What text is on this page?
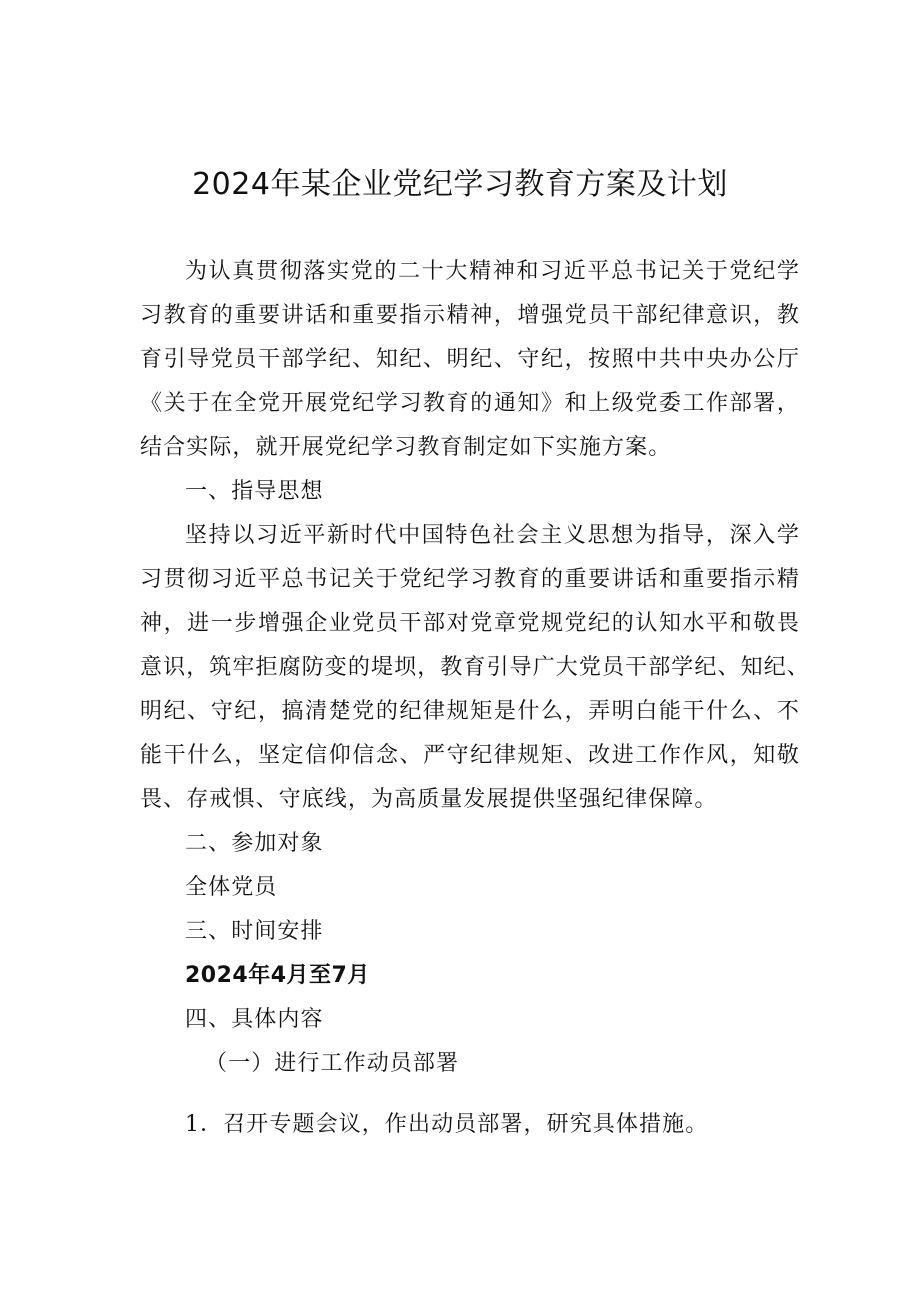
2024年某企业党纪学习教育方案及计划
为认真贯彻落实党的二十大精神和习近平总书记关于党纪学
习教育的重要讲话和重要指示精神，增强党员干部纪律意识，教
育引导党员干部学纪、知纪、明纪、守纪，按照中共中央办公厅
《关于在全党开展党纪学习教育的通知》和上级党委工作部署，
结合实际，就开展党纪学习教育制定如下实施方案。
一、指导思想
坚持以习近平新时代中国特色社会主义思想为指导，深入学
习贯彻习近平总书记关于党纪学习教育的重要讲话和重要指示精
神，进一步增强企业党员干部对党章党规党纪的认知水平和敬畏
意识，筑牢拒腐防变的堤坝，教育引导广大党员干部学纪、知纪、
明纪、守纪，搞清楚党的纪律规矩是什么，弄明白能干什么、不
能干什么，坚定信仰信念、严守纪律规矩、改进工作作风，知敬
畏、存戒惧、守底线，为高质量发展提供坚强纪律保障。
二、参加对象
全体党员
三、时间安排
2024年4月至7月
四、具体内容
（一）进行工作动员部署
1．召开专题会议，作出动员部署，研究具体措施。
